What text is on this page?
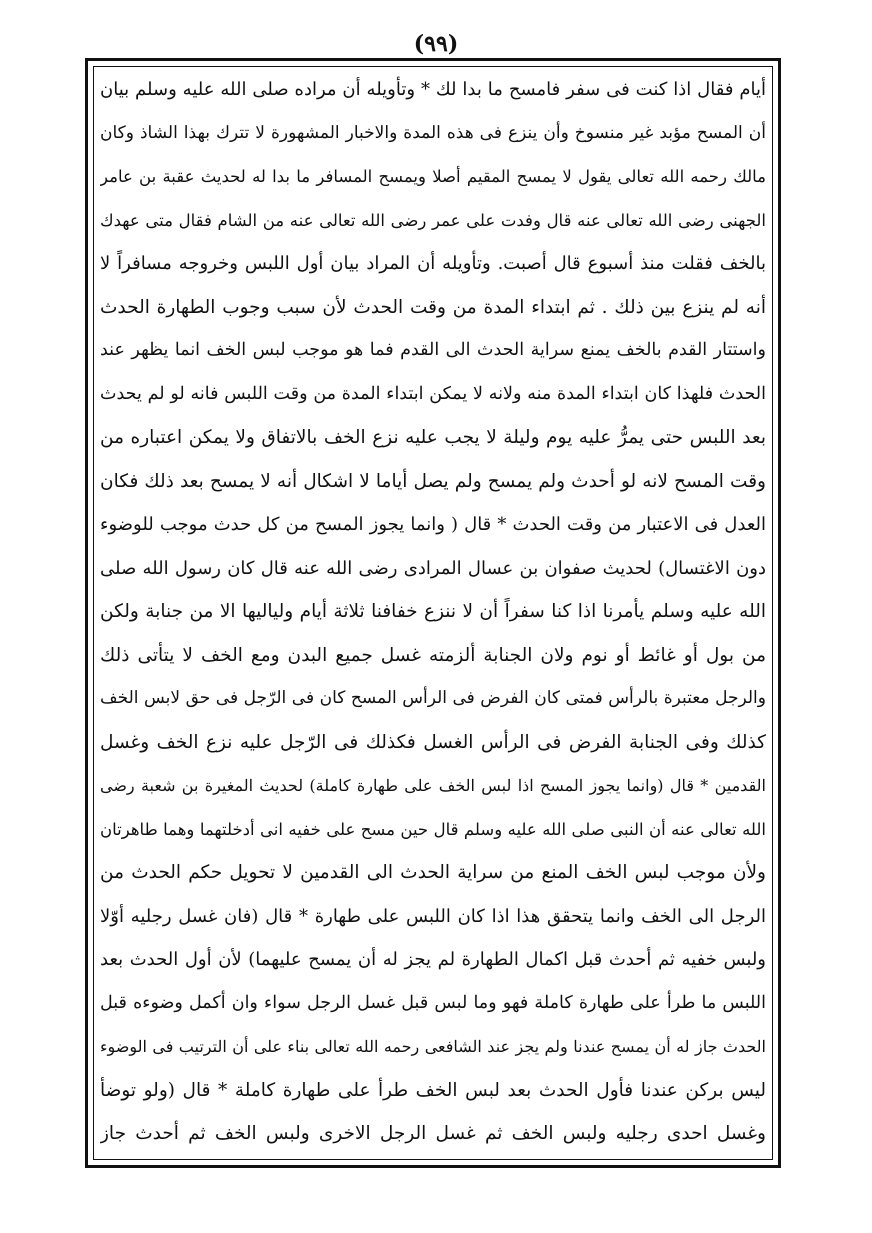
(٩٩)
أيام فقال اذا كنت فى سفر فامسح ما بدا لك * وتأويله أن مراده صلى الله عليه وسلم بيان
أن المسح مؤبد غير منسوخ وأن ينزع فى هذه المدة والاخبار المشهورة لا تترك بهذا الشاذ وكان
مالك رحمه الله تعالى يقول لا يمسح المقيم أصلا ويمسح المسافر ما بدا له لحديث عقبة بن عامر
الجهنى رضى الله تعالى عنه قال وفدت على عمر رضى الله تعالى عنه من الشام فقال متى عهدك
بالخف فقلت منذ أسبوع قال أصبت. وتأويله أن المراد بيان أول اللبس وخروجه مسافراً لا
أنه لم ينزع بين ذلك . ثم ابتداء المدة من وقت الحدث لأن سبب وجوب الطهارة الحدث
واستتار القدم بالخف يمنع سراية الحدث الى القدم فما هو موجب لبس الخف انما يظهر عند
الحدث فلهذا كان ابتداء المدة منه ولانه لا يمكن ابتداء المدة من وقت اللبس فانه لو لم يحدث
بعد اللبس حتى يمرُّ عليه يوم وليلة لا يجب عليه نزع الخف بالاتفاق ولا يمكن اعتباره من
وقت المسح لانه لو أحدث ولم يمسح ولم يصل أياما لا اشكال أنه لا يمسح بعد ذلك فكان
العدل فى الاعتبار من وقت الحدث * قال ( وانما يجوز المسح من كل حدث موجب للوضوء
دون الاغتسال) لحديث صفوان بن عسال المرادى رضى الله عنه قال كان رسول الله صلى
الله عليه وسلم يأمرنا اذا كنا سفراً أن لا ننزع خفافنا ثلاثة أيام ولياليها الا من جنابة ولكن
من بول أو غائط أو نوم ولان الجنابة ألزمته غسل جميع البدن ومع الخف لا يتأتى ذلك
والرجل معتبرة بالرأس فمتى كان الفرض فى الرأس المسح كان فى الرّجل فى حق لابس الخف
كذلك وفى الجنابة الفرض فى الرأس الغسل فكذلك فى الرّجل عليه نزع الخف وغسل
القدمين * قال (وانما يجوز المسح اذا لبس الخف على طهارة كاملة) لحديث المغيرة بن شعبة رضى
الله تعالى عنه أن النبى صلى الله عليه وسلم قال حين مسح على خفيه انى أدخلتهما وهما طاهرتان
ولأن موجب لبس الخف المنع من سراية الحدث الى القدمين لا تحويل حكم الحدث من
الرجل الى الخف وانما يتحقق هذا اذا كان اللبس على طهارة * قال (فان غسل رجليه أوّلا
ولبس خفيه ثم أحدث قبل اكمال الطهارة لم يجز له أن يمسح عليهما) لأن أول الحدث بعد
اللبس ما طرأ على طهارة كاملة فهو وما لبس قبل غسل الرجل سواء وان أكمل وضوءه قبل
الحدث جاز له أن يمسح عندنا ولم يجز عند الشافعى رحمه الله تعالى بناء على أن الترتيب فى الوضوء
ليس بركن عندنا فأول الحدث بعد لبس الخف طرأ على طهارة كاملة * قال (ولو توضأ
وغسل احدى رجليه ولبس الخف ثم غسل الرجل الاخرى ولبس الخف ثم أحدث جاز
